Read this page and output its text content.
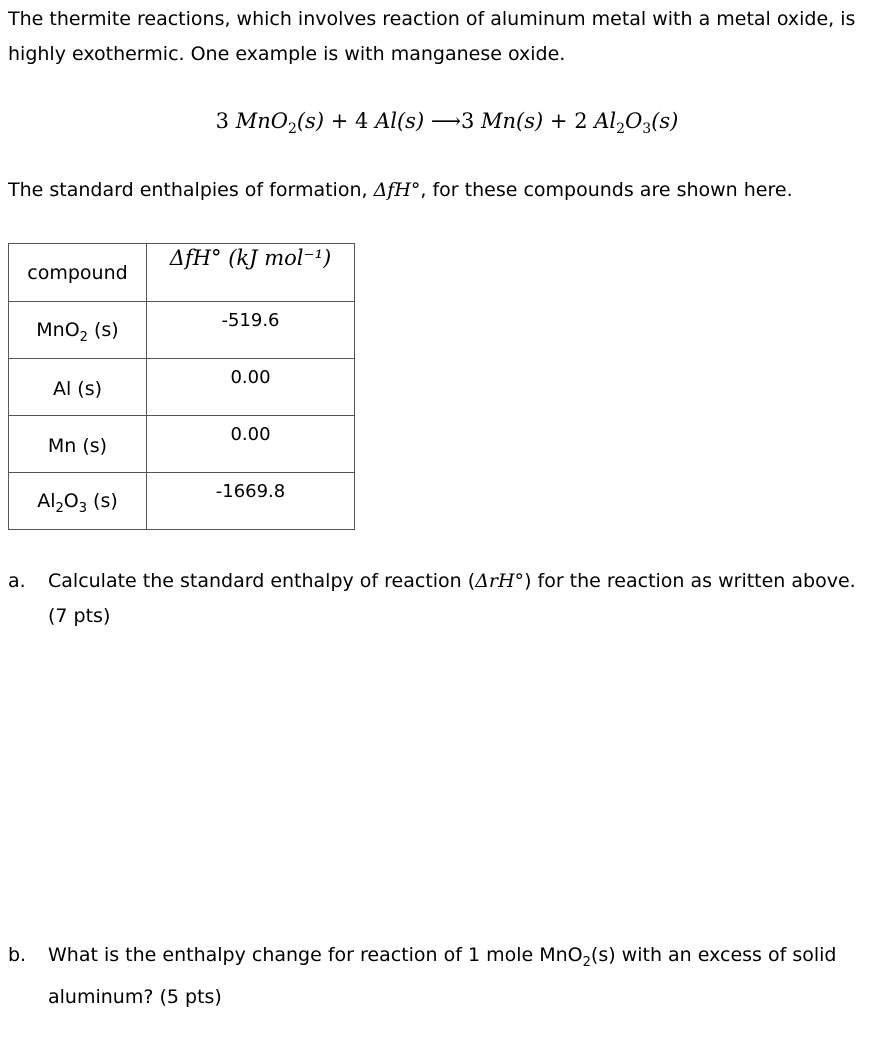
The thermite reactions, which involves reaction of aluminum metal with a metal oxide, is
highly exothermic. One example is with manganese oxide.
3 MnO$_2$(s) + 4 Al(s) ⟶3 Mn(s) + 2 $Al_2O_3(s)$
The standard enthalpies of formation, ΔfH°, for these compounds are shown here.
compound	ΔfH° (kJ mol⁻¹)
MnO$_2$ (s)	-519.6
Al (s)	0.00
Mn (s)	0.00
$Al_2O_3$ (s)	-1669.8
a. Calculate the standard enthalpy of reaction (ΔrH°) for the reaction as written above.
(7 pts)
b. What is the enthalpy change for reaction of 1 mole MnO$_2$(s) with an excess of solid
aluminum? (5 pts)
